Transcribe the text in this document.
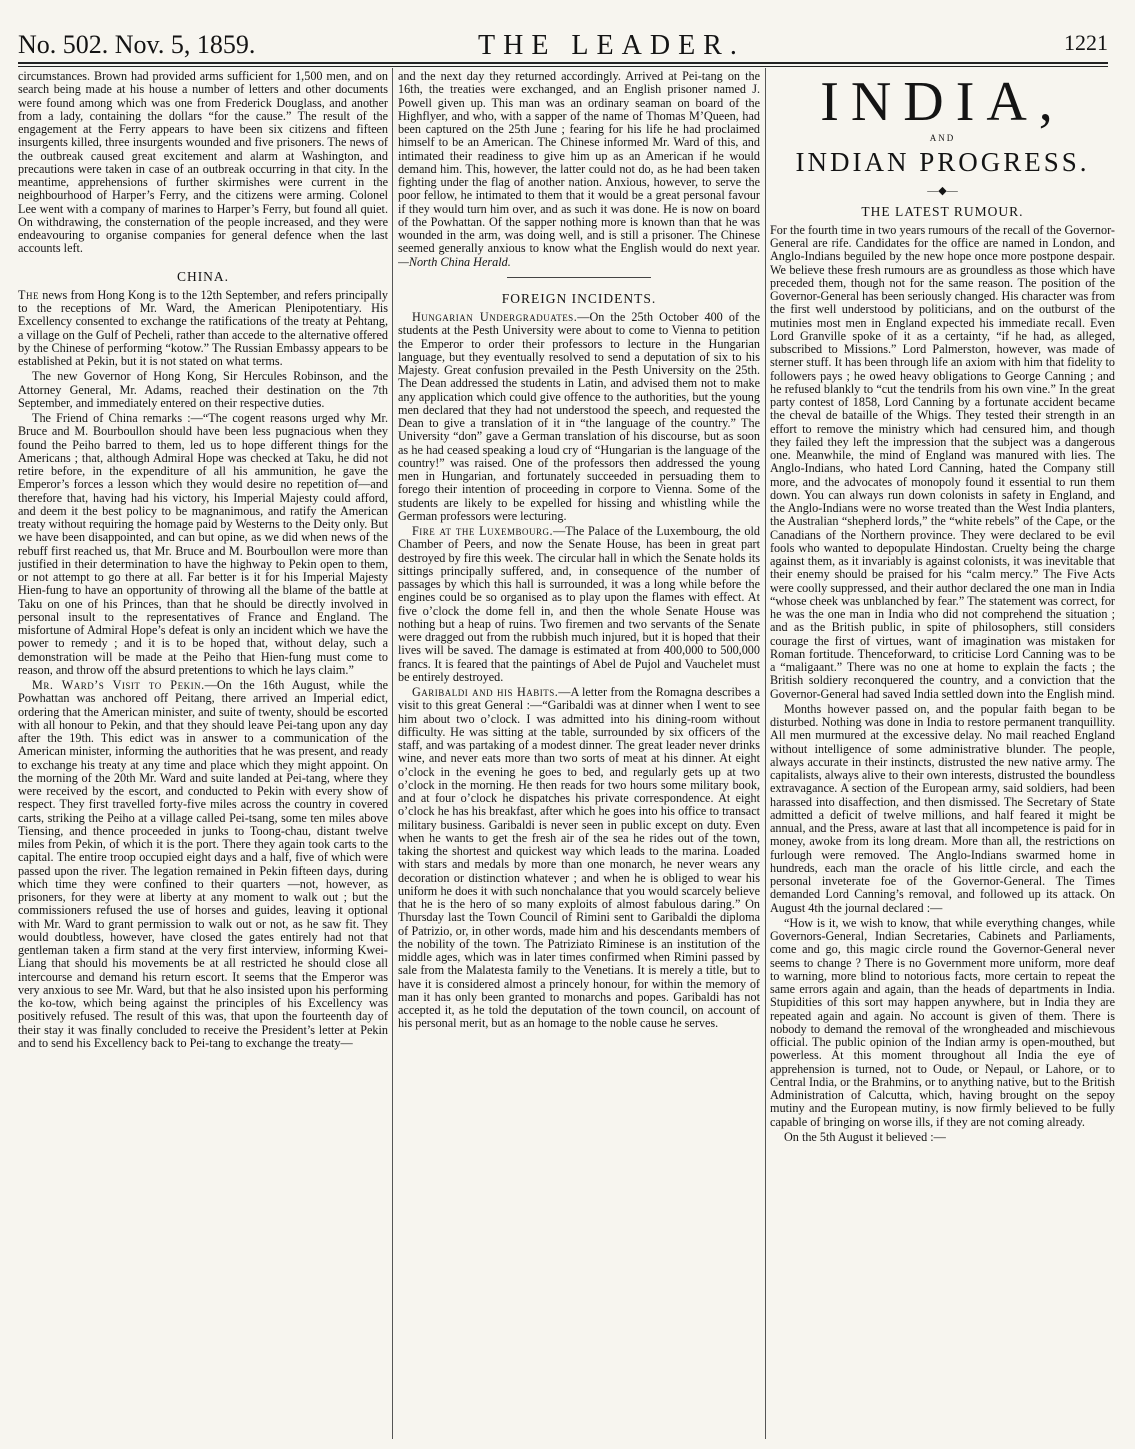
No. 502. Nov. 5, 1859.	THE LEADER.	1221

circumstances. Brown had provided arms sufficient for 1,500 men, and on search being made at his house a number of letters and other documents were found among which was one from Frederick Douglass, and another from a lady, containing the dollars “for the cause.” The result of the engagement at the Ferry appears to have been six citizens and fifteen insurgents killed, three insurgents wounded and five prisoners. The news of the outbreak caused great excitement and alarm at Washington, and precautions were taken in case of an outbreak occurring in that city. In the meantime, apprehensions of further skirmishes were current in the neighbourhood of Harper’s Ferry, and the citizens were arming. Colonel Lee went with a company of marines to Harper’s Ferry, but found all quiet. On withdrawing, the consternation of the people increased, and they were endeavouring to organise companies for general defence when the last accounts left.

CHINA.

The news from Hong Kong is to the 12th September, and refers principally to the receptions of Mr. Ward, the American Plenipotentiary. His Excellency consented to exchange the ratifications of the treaty at Pehtang, a village on the Gulf of Pecheli, rather than accede to the alternative offered by the Chinese of performing “kotow.” The Russian Embassy appears to be established at Pekin, but it is not stated on what terms.

The new Governor of Hong Kong, Sir Hercules Robinson, and the Attorney General, Mr. Adams, reached their destination on the 7th September, and immediately entered on their respective duties.

The Friend of China remarks :—“The cogent reasons urged why Mr. Bruce and M. Bourboullon should have been less pugnacious when they found the Peiho barred to them, led us to hope different things for the Americans ; that, although Admiral Hope was checked at Taku, he did not retire before, in the expenditure of all his ammunition, he gave the Emperor’s forces a lesson which they would desire no repetition of—and therefore that, having had his victory, his Imperial Majesty could afford, and deem it the best policy to be magnanimous, and ratify the American treaty without requiring the homage paid by Westerns to the Deity only. But we have been disappointed, and can but opine, as we did when news of the rebuff first reached us, that Mr. Bruce and M. Bourboullon were more than justified in their determination to have the highway to Pekin open to them, or not attempt to go there at all. Far better is it for his Imperial Majesty Hien-fung to have an opportunity of throwing all the blame of the battle at Taku on one of his Princes, than that he should be directly involved in personal insult to the representatives of France and England. The misfortune of Admiral Hope’s defeat is only an incident which we have the power to remedy ; and it is to be hoped that, without delay, such a demonstration will be made at the Peiho that Hien-fung must come to reason, and throw off the absurd pretentions to which he lays claim.”

Mr. Ward’s Visit to Pekin.—On the 16th August, while the Powhattan was anchored off Peitang, there arrived an Imperial edict, ordering that the American minister, and suite of twenty, should be escorted with all honour to Pekin, and that they should leave Pei-tang upon any day after the 19th. This edict was in answer to a communication of the American minister, informing the authorities that he was present, and ready to exchange his treaty at any time and place which they might appoint. On the morning of the 20th Mr. Ward and suite landed at Pei-tang, where they were received by the escort, and conducted to Pekin with every show of respect. They first travelled forty-five miles across the country in covered carts, striking the Peiho at a village called Pei-tsang, some ten miles above Tiensing, and thence proceeded in junks to Toong-chau, distant twelve miles from Pekin, of which it is the port. There they again took carts to the capital. The entire troop occupied eight days and a half, five of which were passed upon the river. The legation remained in Pekin fifteen days, during which time they were confined to their quarters —not, however, as prisoners, for they were at liberty at any moment to walk out ; but the commissioners refused the use of horses and guides, leaving it optional with Mr. Ward to grant permission to walk out or not, as he saw fit. They would doubtless, however, have closed the gates entirely had not that gentleman taken a firm stand at the very first interview, informing Kwei-Liang that should his movements be at all restricted he should close all intercourse and demand his return escort. It seems that the Emperor was very anxious to see Mr. Ward, but that he also insisted upon his performing the ko-tow, which being against the principles of his Excellency was positively refused. The result of this was, that upon the fourteenth day of their stay it was finally concluded to receive the President’s letter at Pekin and to send his Excellency back to Pei-tang to exchange the treaty—

and the next day they returned accordingly. Arrived at Pei-tang on the 16th, the treaties were exchanged, and an English prisoner named J. Powell given up. This man was an ordinary seaman on board of the Highflyer, and who, with a sapper of the name of Thomas M’Queen, had been captured on the 25th June ; fearing for his life he had proclaimed himself to be an American. The Chinese informed Mr. Ward of this, and intimated their readiness to give him up as an American if he would demand him. This, however, the latter could not do, as he had been taken fighting under the flag of another nation. Anxious, however, to serve the poor fellow, he intimated to them that it would be a great personal favour if they would turn him over, and as such it was done. He is now on board of the Powhattan. Of the sapper nothing more is known than that he was wounded in the arm, was doing well, and is still a prisoner. The Chinese seemed generally anxious to know what the English would do next year.—North China Herald.

FOREIGN INCIDENTS.

Hungarian Undergraduates.—On the 25th October 400 of the students at the Pesth University were about to come to Vienna to petition the Emperor to order their professors to lecture in the Hungarian language, but they eventually resolved to send a deputation of six to his Majesty. Great confusion prevailed in the Pesth University on the 25th. The Dean addressed the students in Latin, and advised them not to make any application which could give offence to the authorities, but the young men declared that they had not understood the speech, and requested the Dean to give a translation of it in “the language of the country.” The University “don” gave a German translation of his discourse, but as soon as he had ceased speaking a loud cry of “Hungarian is the language of the country!” was raised. One of the professors then addressed the young men in Hungarian, and fortunately succeeded in persuading them to forego their intention of proceeding in corpore to Vienna. Some of the students are likely to be expelled for hissing and whistling while the German professors were lecturing.

Fire at the Luxembourg.—The Palace of the Luxembourg, the old Chamber of Peers, and now the Senate House, has been in great part destroyed by fire this week. The circular hall in which the Senate holds its sittings principally suffered, and, in consequence of the number of passages by which this hall is surrounded, it was a long while before the engines could be so organised as to play upon the flames with effect. At five o’clock the dome fell in, and then the whole Senate House was nothing but a heap of ruins. Two firemen and two servants of the Senate were dragged out from the rubbish much injured, but it is hoped that their lives will be saved. The damage is estimated at from 400,000 to 500,000 francs. It is feared that the paintings of Abel de Pujol and Vauchelet must be entirely destroyed.

Garibaldi and his Habits.—A letter from the Romagna describes a visit to this great General :—“Garibaldi was at dinner when I went to see him about two o’clock. I was admitted into his dining-room without difficulty. He was sitting at the table, surrounded by six officers of the staff, and was partaking of a modest dinner. The great leader never drinks wine, and never eats more than two sorts of meat at his dinner. At eight o’clock in the evening he goes to bed, and regularly gets up at two o’clock in the morning. He then reads for two hours some military book, and at four o’clock he dispatches his private correspondence. At eight o’clock he has his breakfast, after which he goes into his office to transact military business. Garibaldi is never seen in public except on duty. Even when he wants to get the fresh air of the sea he rides out of the town, taking the shortest and quickest way which leads to the marina. Loaded with stars and medals by more than one monarch, he never wears any decoration or distinction whatever ; and when he is obliged to wear his uniform he does it with such nonchalance that you would scarcely believe that he is the hero of so many exploits of almost fabulous daring.” On Thursday last the Town Council of Rimini sent to Garibaldi the diploma of Patrizio, or, in other words, made him and his descendants members of the nobility of the town. The Patriziato Riminese is an institution of the middle ages, which was in later times confirmed when Rimini passed by sale from the Malatesta family to the Venetians. It is merely a title, but to have it is considered almost a princely honour, for within the memory of man it has only been granted to monarchs and popes. Garibaldi has not accepted it, as he told the deputation of the town council, on account of his personal merit, but as an homage to the noble cause he serves.

INDIA,
AND
INDIAN PROGRESS.
—◆—
THE LATEST RUMOUR.

For the fourth time in two years rumours of the recall of the Governor-General are rife. Candidates for the office are named in London, and Anglo-Indians beguiled by the new hope once more postpone despair. We believe these fresh rumours are as groundless as those which have preceded them, though not for the same reason. The position of the Governor-General has been seriously changed. His character was from the first well understood by politicians, and on the outburst of the mutinies most men in England expected his immediate recall. Even Lord Granville spoke of it as a certainty, “if he had, as alleged, subscribed to Missions.” Lord Palmerston, however, was made of sterner stuff. It has been through life an axiom with him that fidelity to followers pays ; he owed heavy obligations to George Canning ; and he refused blankly to “cut the tendrils from his own vine.” In the great party contest of 1858, Lord Canning by a fortunate accident became the cheval de bataille of the Whigs. They tested their strength in an effort to remove the ministry which had censured him, and though they failed they left the impression that the subject was a dangerous one. Meanwhile, the mind of England was manured with lies. The Anglo-Indians, who hated Lord Canning, hated the Company still more, and the advocates of monopoly found it essential to run them down. You can always run down colonists in safety in England, and the Anglo-Indians were no worse treated than the West India planters, the Australian “shepherd lords,” the “white rebels” of the Cape, or the Canadians of the Northern province. They were declared to be evil fools who wanted to depopulate Hindostan. Cruelty being the charge against them, as it invariably is against colonists, it was inevitable that their enemy should be praised for his “calm mercy.” The Five Acts were coolly suppressed, and their author declared the one man in India “whose cheek was unblanched by fear.” The statement was correct, for he was the one man in India who did not comprehend the situation ; and as the British public, in spite of philosophers, still considers courage the first of virtues, want of imagination was mistaken for Roman fortitude. Thenceforward, to criticise Lord Canning was to be a “maligaant.” There was no one at home to explain the facts ; the British soldiery reconquered the country, and a conviction that the Governor-General had saved India settled down into the English mind.

Months however passed on, and the popular faith began to be disturbed. Nothing was done in India to restore permanent tranquillity. All men murmured at the excessive delay. No mail reached England without intelligence of some administrative blunder. The people, always accurate in their instincts, distrusted the new native army. The capitalists, always alive to their own interests, distrusted the boundless extravagance. A section of the European army, said soldiers, had been harassed into disaffection, and then dismissed. The Secretary of State admitted a deficit of twelve millions, and half feared it might be annual, and the Press, aware at last that all incompetence is paid for in money, awoke from its long dream. More than all, the restrictions on furlough were removed. The Anglo-Indians swarmed home in hundreds, each man the oracle of his little circle, and each the personal inveterate foe of the Governor-General. The Times demanded Lord Canning’s removal, and followed up its attack. On August 4th the journal declared :—

“How is it, we wish to know, that while everything changes, while Governors-General, Indian Secretaries, Cabinets and Parliaments, come and go, this magic circle round the Governor-General never seems to change ? There is no Government more uniform, more deaf to warning, more blind to notorious facts, more certain to repeat the same errors again and again, than the heads of departments in India. Stupidities of this sort may happen anywhere, but in India they are repeated again and again. No account is given of them. There is nobody to demand the removal of the wrongheaded and mischievous official. The public opinion of the Indian army is open-mouthed, but powerless. At this moment throughout all India the eye of apprehension is turned, not to Oude, or Nepaul, or Lahore, or to Central India, or the Brahmins, or to anything native, but to the British Administration of Calcutta, which, having brought on the sepoy mutiny and the European mutiny, is now firmly believed to be fully capable of bringing on worse ills, if they are not coming already.

On the 5th August it believed :—
